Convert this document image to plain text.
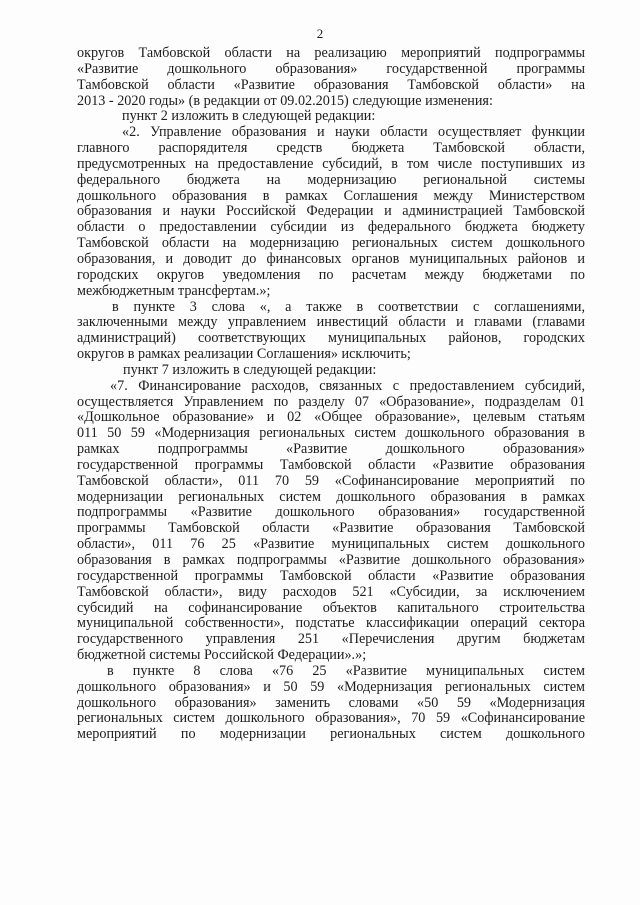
2
округов Тамбовской области на реализацию мероприятий подпрограммы
«Развитие дошкольного образования» государственной программы
Тамбовской области «Развитие образования Тамбовской области» на
2013 - 2020 годы» (в редакции от 09.02.2015) следующие изменения:
пункт 2 изложить в следующей редакции:
«2. Управление образования и науки области осуществляет функции
главного распорядителя средств бюджета Тамбовской области,
предусмотренных на предоставление субсидий, в том числе поступивших из
федерального бюджета на модернизацию региональной системы
дошкольного образования в рамках Соглашения между Министерством
образования и науки Российской Федерации и администрацией Тамбовской
области о предоставлении субсидии из федерального бюджета бюджету
Тамбовской области на модернизацию региональных систем дошкольного
образования, и доводит до финансовых органов муниципальных районов и
городских округов уведомления по расчетам между бюджетами по
межбюджетным трансфертам.»;
в пункте 3 слова «, а также в соответствии с соглашениями,
заключенными между управлением инвестиций области и главами (главами
администраций) соответствующих муниципальных районов, городских
округов в рамках реализации Соглашения» исключить;
пункт 7 изложить в следующей редакции:
«7. Финансирование расходов, связанных с предоставлением субсидий,
осуществляется Управлением по разделу 07 «Образование», подразделам 01
«Дошкольное образование» и 02 «Общее образование», целевым статьям
011 50 59 «Модернизация региональных систем дошкольного образования в
рамках подпрограммы «Развитие дошкольного образования»
государственной программы Тамбовской области «Развитие образования
Тамбовской области», 011 70 59 «Софинансирование мероприятий по
модернизации региональных систем дошкольного образования в рамках
подпрограммы «Развитие дошкольного образования» государственной
программы Тамбовской области «Развитие образования Тамбовской
области», 011 76 25 «Развитие муниципальных систем дошкольного
образования в рамках подпрограммы «Развитие дошкольного образования»
государственной программы Тамбовской области «Развитие образования
Тамбовской области», виду расходов 521 «Субсидии, за исключением
субсидий на софинансирование объектов капитального строительства
муниципальной собственности», подстатье классификации операций сектора
государственного управления 251 «Перечисления другим бюджетам
бюджетной системы Российской Федерации».»;
в пункте 8 слова «76 25 «Развитие муниципальных систем
дошкольного образования» и 50 59 «Модернизация региональных систем
дошкольного образования» заменить словами «50 59 «Модернизация
региональных систем дошкольного образования», 70 59 «Софинансирование
мероприятий по модернизации региональных систем дошкольного
